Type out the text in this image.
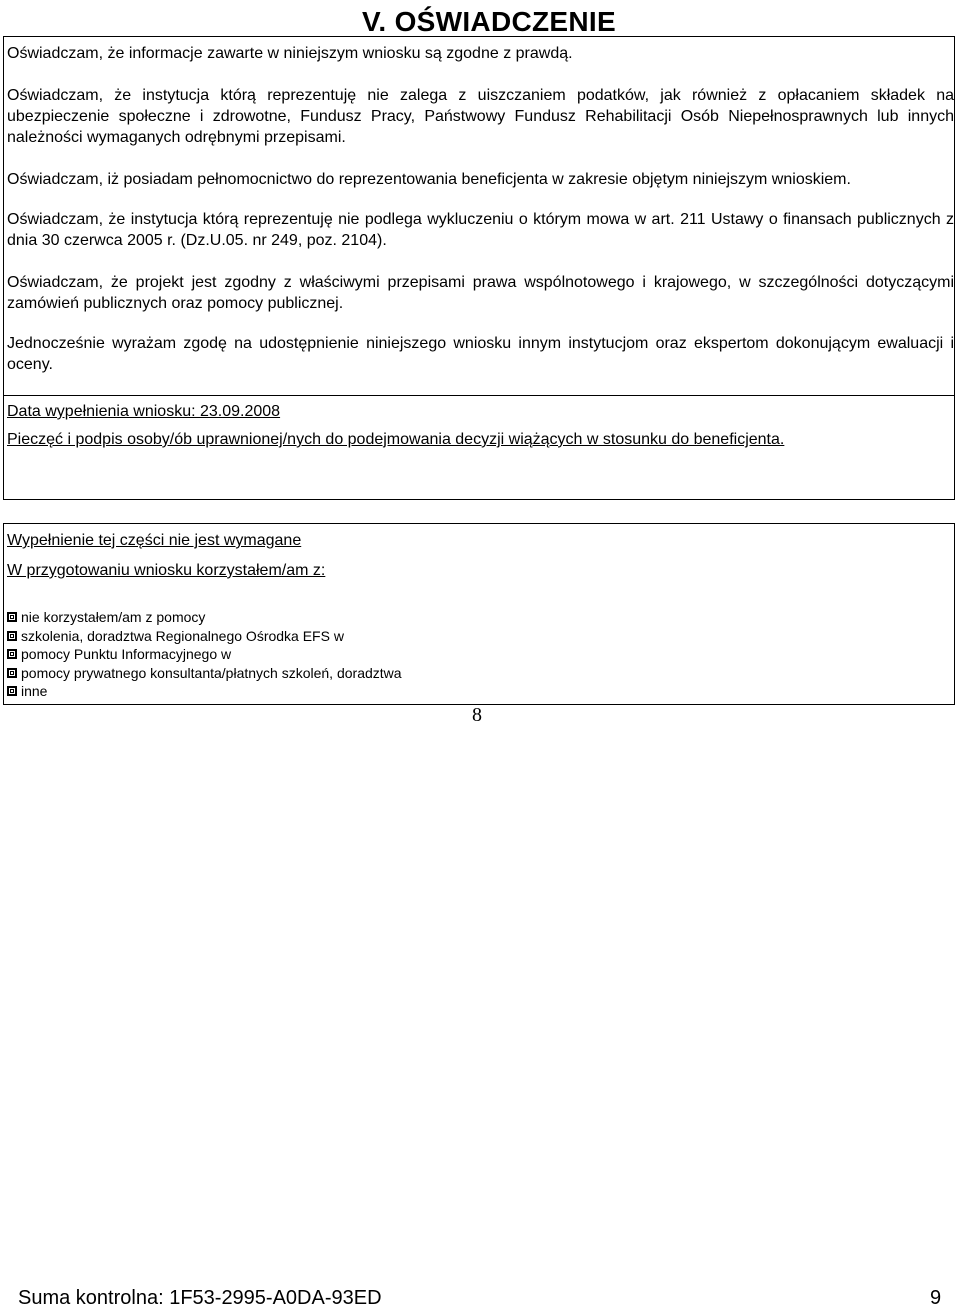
V. OŚWIADCZENIE

Oświadczam, że informacje zawarte w niniejszym wniosku są zgodne z prawdą.

Oświadczam, że instytucja którą reprezentuję nie zalega z uiszczaniem podatków, jak również z opłacaniem składek na ubezpieczenie społeczne i zdrowotne, Fundusz Pracy, Państwowy Fundusz Rehabilitacji Osób Niepełnosprawnych lub innych należności wymaganych odrębnymi przepisami.

Oświadczam, iż posiadam pełnomocnictwo do reprezentowania beneficjenta w zakresie objętym niniejszym wnioskiem.

Oświadczam, że instytucja którą reprezentuję nie podlega wykluczeniu o którym mowa w art. 211 Ustawy o finansach publicznych z dnia 30 czerwca 2005 r. (Dz.U.05. nr 249, poz. 2104).

Oświadczam, że projekt jest zgodny z właściwymi przepisami prawa wspólnotowego i krajowego, w szczególności dotyczącymi zamówień publicznych oraz pomocy publicznej.

Jednocześnie wyrażam zgodę na udostępnienie niniejszego wniosku innym instytucjom oraz ekspertom dokonującym ewaluacji i oceny.

Data wypełnienia wniosku: 23.09.2008
Pieczęć i podpis osoby/ób uprawnionej/nych do podejmowania decyzji wiążących w stosunku do beneficjenta.
Wypełnienie tej części nie jest wymagane
W przygotowaniu wniosku korzystałem/am z:
nie korzystałem/am z pomocy
szkolenia, doradztwa Regionalnego Ośrodka EFS w
pomocy Punktu Informacyjnego w
pomocy prywatnego konsultanta/płatnych szkoleń, doradztwa
inne
8
Suma kontrolna: 1F53-2995-A0DA-93ED	9
